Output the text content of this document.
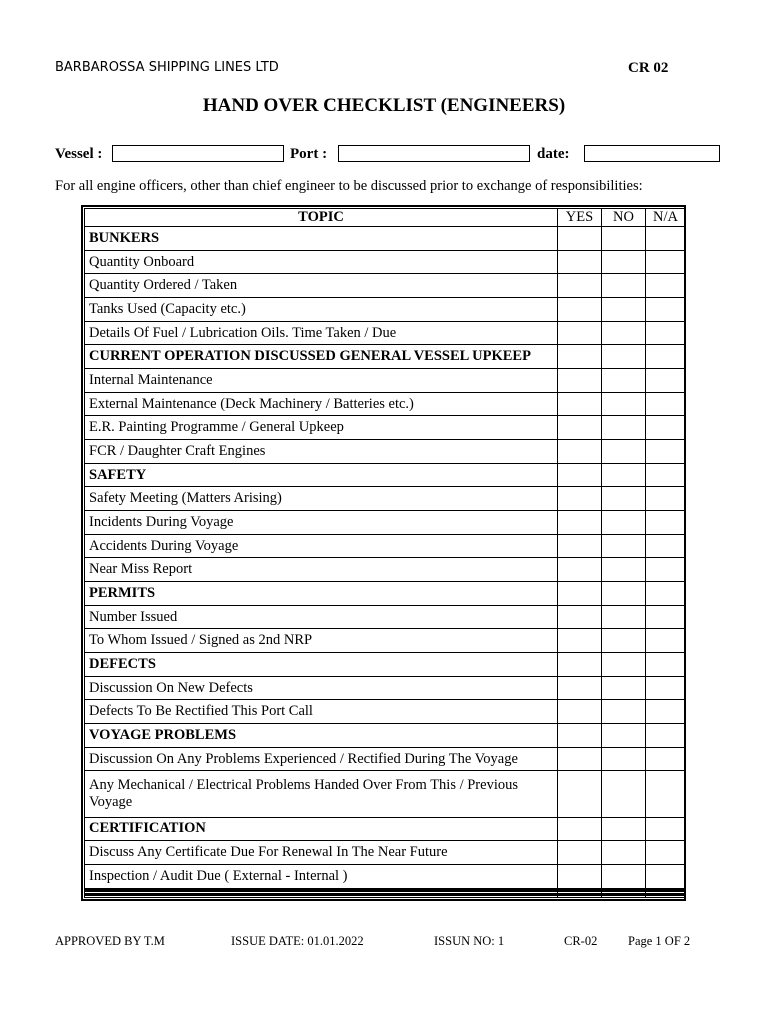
BARBAROSSA SHIPPING LINES LTD	CR 02
HAND OVER CHECKLIST (ENGINEERS)
Vessel :	Port :	date:
For all engine officers, other than chief engineer to be discussed prior to exchange of responsibilities:
TOPIC	YES	NO	N/A
BUNKERS			
Quantity Onboard			
Quantity Ordered / Taken			
Tanks Used (Capacity etc.)			
Details Of Fuel / Lubrication Oils. Time Taken / Due			
CURRENT OPERATION DISCUSSED GENERAL VESSEL UPKEEP			
Internal Maintenance			
External Maintenance (Deck Machinery / Batteries etc.)			
E.R. Painting Programme / General Upkeep			
FCR / Daughter Craft Engines			
SAFETY			
Safety Meeting (Matters Arising)			
Incidents During Voyage			
Accidents During Voyage			
Near Miss Report			
PERMITS			
Number Issued			
To Whom Issued / Signed as 2nd NRP			
DEFECTS			
Discussion On New Defects			
Defects To Be Rectified This Port Call			
VOYAGE PROBLEMS			
Discussion On Any Problems Experienced / Rectified During The Voyage			
Any Mechanical / Electrical Problems Handed Over From This / Previous Voyage			
CERTIFICATION			
Discuss Any Certificate Due For Renewal In The Near Future			
Inspection / Audit Due ( External - Internal )			

APPROVED BY T.M	ISSUE DATE: 01.01.2022	ISSUN NO: 1	CR-02 Page 1 OF 2
